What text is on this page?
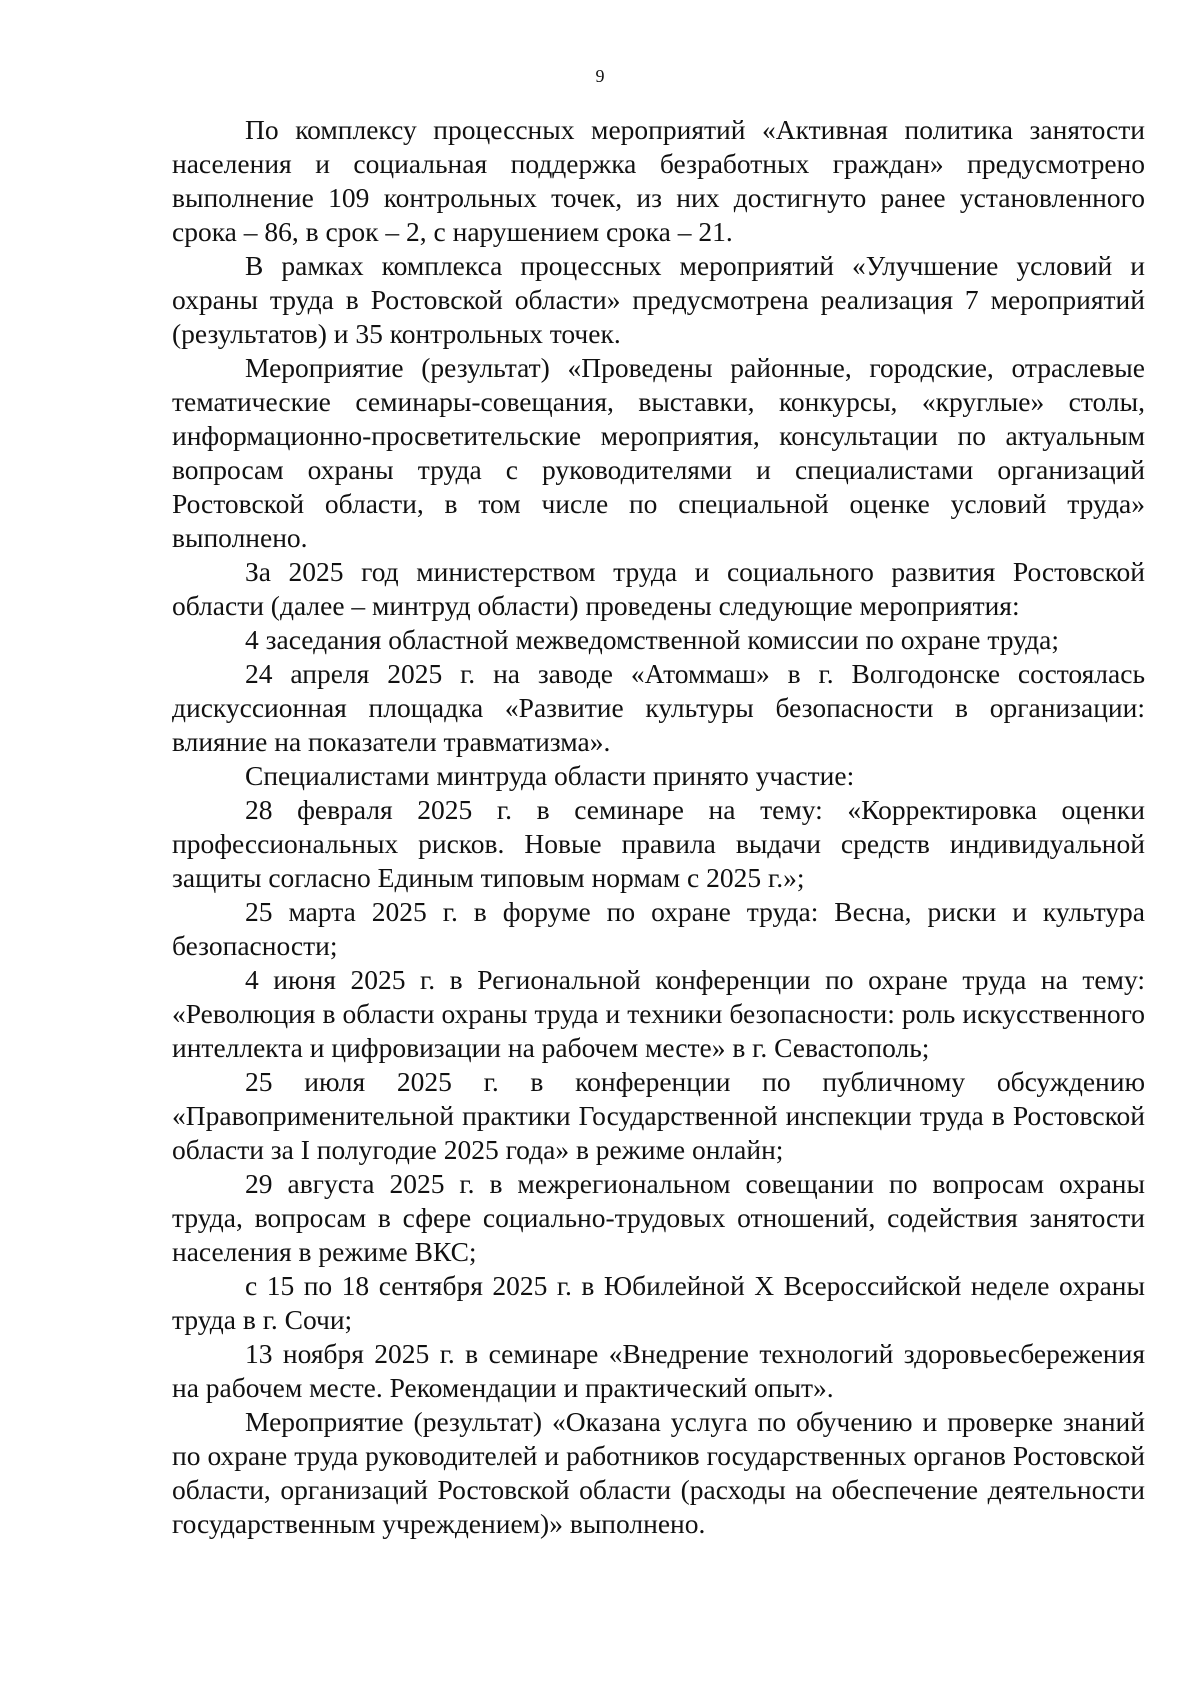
9

По комплексу процессных мероприятий «Активная политика занятости населения и социальная поддержка безработных граждан» предусмотрено выполнение 109 контрольных точек, из них достигнуто ранее установленного срока – 86, в срок – 2, с нарушением срока – 21.

В рамках комплекса процессных мероприятий «Улучшение условий и охраны труда в Ростовской области» предусмотрена реализация 7 мероприятий (результатов) и 35 контрольных точек.

Мероприятие (результат) «Проведены районные, городские, отраслевые тематические семинары-совещания, выставки, конкурсы, «круглые» столы, информационно-просветительские мероприятия, консультации по актуальным вопросам охраны труда с руководителями и специалистами организаций Ростовской области, в том числе по специальной оценке условий труда» выполнено.

За 2025 год министерством труда и социального развития Ростовской области (далее – минтруд области) проведены следующие мероприятия:

4 заседания областной межведомственной комиссии по охране труда;

24 апреля 2025 г. на заводе «Атоммаш» в г. Волгодонске состоялась дискуссионная площадка «Развитие культуры безопасности в организации: влияние на показатели травматизма».

Специалистами минтруда области принято участие:

28 февраля 2025 г. в семинаре на тему: «Корректировка оценки профессиональных рисков. Новые правила выдачи средств индивидуальной защиты согласно Единым типовым нормам с 2025 г.»;

25 марта 2025 г. в форуме по охране труда: Весна, риски и культура безопасности;

4 июня 2025 г. в Региональной конференции по охране труда на тему: «Революция в области охраны труда и техники безопасности: роль искусственного интеллекта и цифровизации на рабочем месте» в г. Севастополь;

25 июля 2025 г. в конференции по публичному обсуждению «Правоприменительной практики Государственной инспекции труда в Ростовской области за I полугодие 2025 года» в режиме онлайн;

29 августа 2025 г. в межрегиональном совещании по вопросам охраны труда, вопросам в сфере социально-трудовых отношений, содействия занятости населения в режиме ВКС;

с 15 по 18 сентября 2025 г. в Юбилейной X Всероссийской неделе охраны труда в г. Сочи;

13 ноября 2025 г. в семинаре «Внедрение технологий здоровьесбережения на рабочем месте. Рекомендации и практический опыт».

Мероприятие (результат) «Оказана услуга по обучению и проверке знаний по охране труда руководителей и работников государственных органов Ростовской области, организаций Ростовской области (расходы на обеспечение деятельности государственным учреждением)» выполнено.
